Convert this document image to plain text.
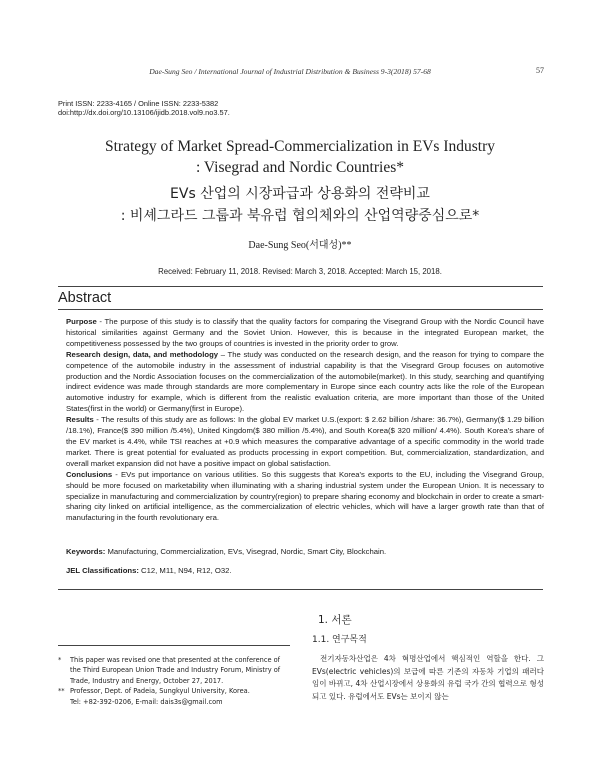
Dae-Sung Seo / International Journal of Industrial Distribution & Business 9-3(2018) 57-68	57
Print ISSN: 2233-4165 / Online ISSN: 2233-5382
doi:http://dx.doi.org/10.13106/ijidb.2018.vol9.no3.57.
Strategy of Market Spread-Commercialization in EVs Industry
: Visegrad and Nordic Countries*
EVs 산업의 시장파급과 상용화의 전략비교
: 비셰그라드 그룹과 북유럽 협의체와의 산업역량중심으로*
Dae-Sung Seo(서대성)**
Received: February 11, 2018. Revised: March 3, 2018. Accepted: March 15, 2018.
Abstract

Purpose - The purpose of this study is to classify that the quality factors for comparing the Visegrand Group with the Nordic Council have historical similarities against Germany and the Soviet Union. However, this is because in the integrated European market, the competitiveness possessed by the two groups of countries is invested in the priority order to grow.

Research design, data, and methodology – The study was conducted on the research design, and the reason for trying to compare the competence of the automobile industry in the assessment of industrial capability is that the Visegrard Group focuses on automotive production and the Nordic Association focuses on the commercialization of the automobile(market). In this study, searching and quantifying indirect evidence was made through standards are more complementary in Europe since each country acts like the role of the European automotive industry for example, which is different from the realistic evaluation criteria, are more important than those of the United States(first in the world) or Germany(first in Europe).

Results - The results of this study are as follows: In the global EV market U.S.(export: $ 2.62 billion /share: 36.7%), Germany($ 1.29 billion /18.1%), France($ 390 million /5.4%), United Kingdom($ 380 million /5.4%), and South Korea($ 320 million/ 4.4%). South Korea's share of the EV market is 4.4%, while TSI reaches at +0.9 which measures the comparative advantage of a specific commodity in the world trade market. There is great potential for evaluated as products processing in export competition. But, commercialization, standardization, and overall market expansion did not have a positive impact on global satisfaction.

Conclusions - EVs put importance on various utilities. So this suggests that Korea's exports to the EU, including the Visegrand Group, should be more focused on marketability when illuminating with a sharing industrial system under the European Union. It is necessary to specialize in manufacturing and commercialization by country(region) to prepare sharing economy and blockchain in order to create a smart-sharing city linked on artificial intelligence, as the commercialization of electric vehicles, which will have a larger growth rate than that of manufacturing in the fourth revolutionary era.

Keywords: Manufacturing, Commercialization, EVs, Visegrad, Nordic, Smart City, Blockchain.
JEL Classifications: C12, M11, N94, R12, O32.
1. 서론
1.1. 연구목적
전기자동차산업은 4차 혁명산업에서 핵심적인 역할을 한다. 그 EVs(electric vehicles)의 보급에 따른 기존의 자동차 기업의 패러다임이 바뀌고, 4차 산업시장에서 상용화의 유럽 국가 간의 협력으로 형성되고 있다. 유럽에서도 EVs는 보이지 않는
* This paper was revised one that presented at the conference of the Third European Union Trade and Industry Forum, Ministry of Trade, Industry and Energy, October 27, 2017.
** Professor, Dept. of Padeia, Sungkyul University, Korea.
Tel: +82-392-0206, E-mail: dais3s@gmail.com
